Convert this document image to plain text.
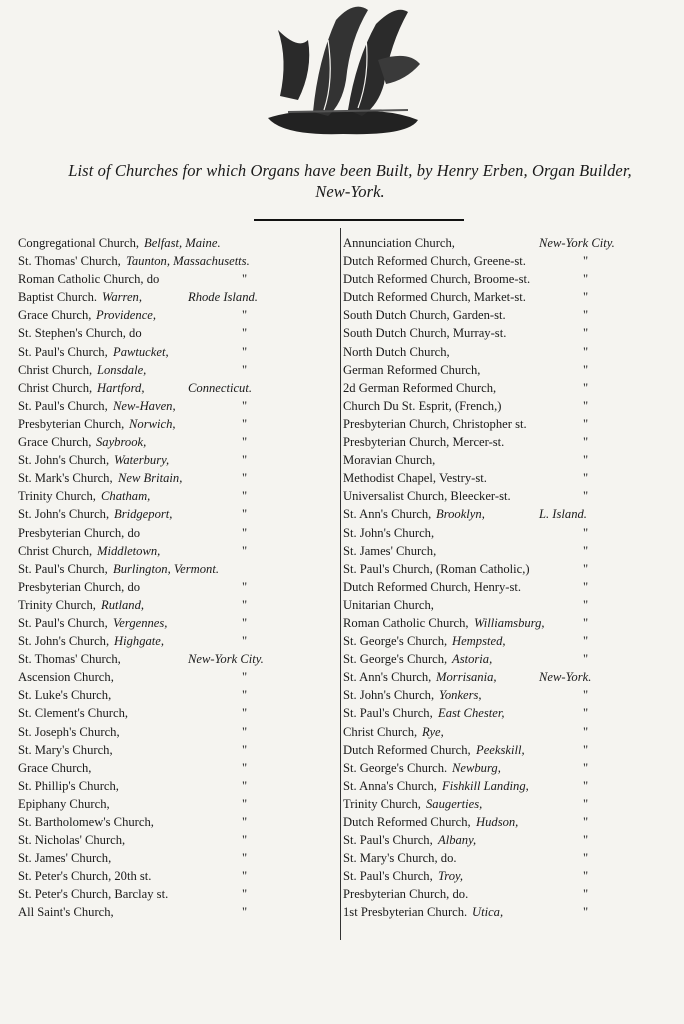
List of Churches for which Organs have been Built, by Henry Erben, Organ Builder,
New-York.
Congregational Church, Belfast, Maine.
St. Thomas' Church, Taunton, Massachusetts.
Roman Catholic Church, do	"
Baptist Church. Warren,	Rhode Island.
Grace Church, Providence,	"
St. Stephen's Church, do	"
St. Paul's Church, Pawtucket,	"
Christ Church, Lonsdale,	"
Christ Church, Hartford,	Connecticut.
St. Paul's Church, New-Haven,	"
Presbyterian Church, Norwich,	"
Grace Church, Saybrook,	"
St. John's Church, Waterbury,	"
St. Mark's Church, New Britain,	"
Trinity Church, Chatham,	"
St. John's Church, Bridgeport,	"
Presbyterian Church, do	"
Christ Church, Middletown,	"
St. Paul's Church, Burlington, Vermont.
Presbyterian Church, do	"
Trinity Church, Rutland,	"
St. Paul's Church, Vergennes,	"
St. John's Church, Highgate,	"
St. Thomas' Church,	New-York City.
Ascension Church,	"
St. Luke's Church,	"
St. Clement's Church,	"
St. Joseph's Church,	"
St. Mary's Church,	"
Grace Church,	"
St. Phillip's Church,	"
Epiphany Church,	"
St. Bartholomew's Church,	"
St. Nicholas' Church,	"
St. James' Church,	"
St. Peter's Church, 20th st.	"
St. Peter's Church, Barclay st.	"
All Saint's Church,	"
Annunciation Church,	New-York City.
Dutch Reformed Church, Greene-st.	"
Dutch Reformed Church, Broome-st.	"
Dutch Reformed Church, Market-st.	"
South Dutch Church, Garden-st.	"
South Dutch Church, Murray-st.	"
North Dutch Church,	"
German Reformed Church,	"
2d German Reformed Church,	"
Church Du St. Esprit, (French,)	"
Presbyterian Church, Christopher st.	"
Presbyterian Church, Mercer-st.	"
Moravian Church,	"
Methodist Chapel, Vestry-st.	"
Universalist Church, Bleecker-st.	"
St. Ann's Church, Brooklyn,	L. Island.
St. John's Church,	"
St. James' Church,	"
St. Paul's Church, (Roman Catholic,)	"
Dutch Reformed Church, Henry-st.	"
Unitarian Church,	"
Roman Catholic Church, Williamsburg,	"
St. George's Church, Hempsted,	"
St. George's Church, Astoria,	"
St. Ann's Church, Morrisania,	New-York.
St. John's Church, Yonkers,	"
St. Paul's Church, East Chester,	"
Christ Church, Rye,	"
Dutch Reformed Church, Peekskill,	"
St. George's Church. Newburg,	"
St. Anna's Church, Fishkill Landing,	"
Trinity Church, Saugerties,	"
Dutch Reformed Church, Hudson,	"
St. Paul's Church, Albany,	"
St. Mary's Church, do.	"
St. Paul's Church, Troy,	"
Presbyterian Church, do.	"
1st Presbyterian Church. Utica,	"
